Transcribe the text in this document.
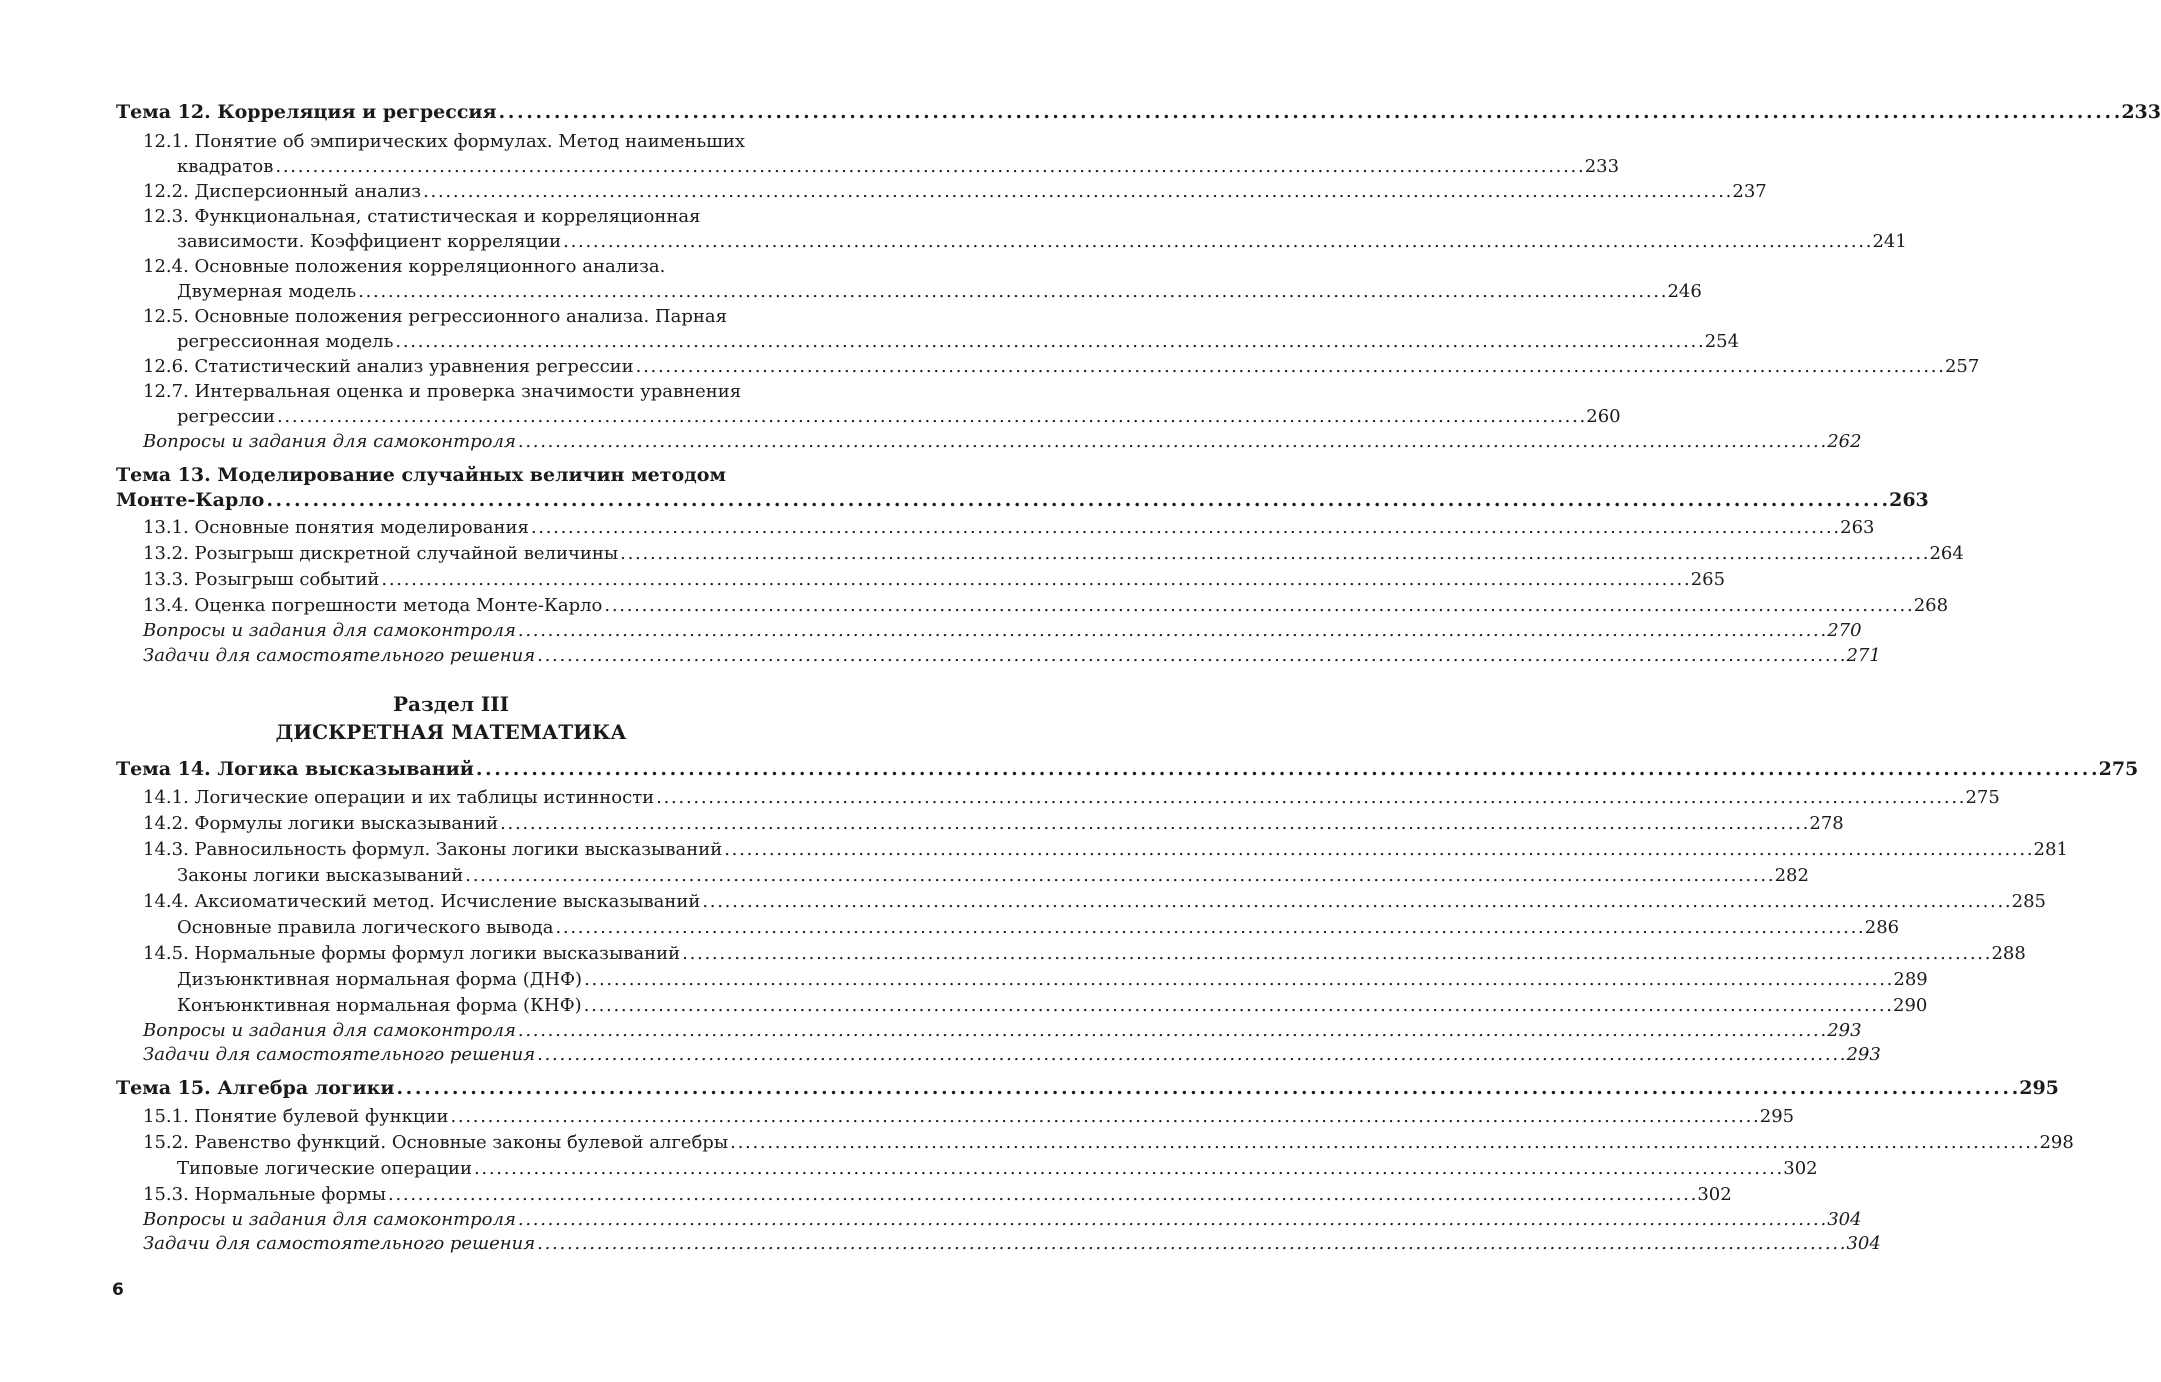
Тема 12. Корреляция и регрессия . . .	233
12.1. Понятие об эмпирических формулах. Метод наименьших
квадратов . . .	233
12.2. Дисперсионный анализ . . .	237
12.3. Функциональная, статистическая и корреляционная
зависимости. Коэффициент корреляции . . .	241
12.4. Основные положения корреляционного анализа.
Двумерная модель . . .	246
12.5. Основные положения регрессионного анализа. Парная
регрессионная модель . . .	254
12.6. Статистический анализ уравнения регрессии . . .	257
12.7. Интервальная оценка и проверка значимости уравнения
регрессии . . .	260
Вопросы и задания для самоконтроля . . .	262
Тема 13. Моделирование случайных величин методом
Монте-Карло . . .	263
13.1. Основные понятия моделирования . . .	263
13.2. Розыгрыш дискретной случайной величины . . .	264
13.3. Розыгрыш событий . . .	265
13.4. Оценка погрешности метода Монте-Карло . . .	268
Вопросы и задания для самоконтроля . . .	270
Задачи для самостоятельного решения . . .	271
Раздел III
ДИСКРЕТНАЯ МАТЕМАТИКА
Тема 14. Логика высказываний . . .	275
14.1. Логические операции и их таблицы истинности . . .	275
14.2. Формулы логики высказываний . . .	278
14.3. Равносильность формул. Законы логики высказываний . . .	281
Законы логики высказываний . . .	282
14.4. Аксиоматический метод. Исчисление высказываний . . .	285
Основные правила логического вывода . . .	286
14.5. Нормальные формы формул логики высказываний . . .	288
Дизъюнктивная нормальная форма (ДНФ) . . .	289
Конъюнктивная нормальная форма (КНФ) . . .	290
Вопросы и задания для самоконтроля . . .	293
Задачи для самостоятельного решения . . .	293
Тема 15. Алгебра логики . . .	295
15.1. Понятие булевой функции . . .	295
15.2. Равенство функций. Основные законы булевой алгебры . . .	298
Типовые логические операции . . .	302
15.3. Нормальные формы . . .	302
Вопросы и задания для самоконтроля . . .	304
Задачи для самостоятельного решения . . .	304
6
